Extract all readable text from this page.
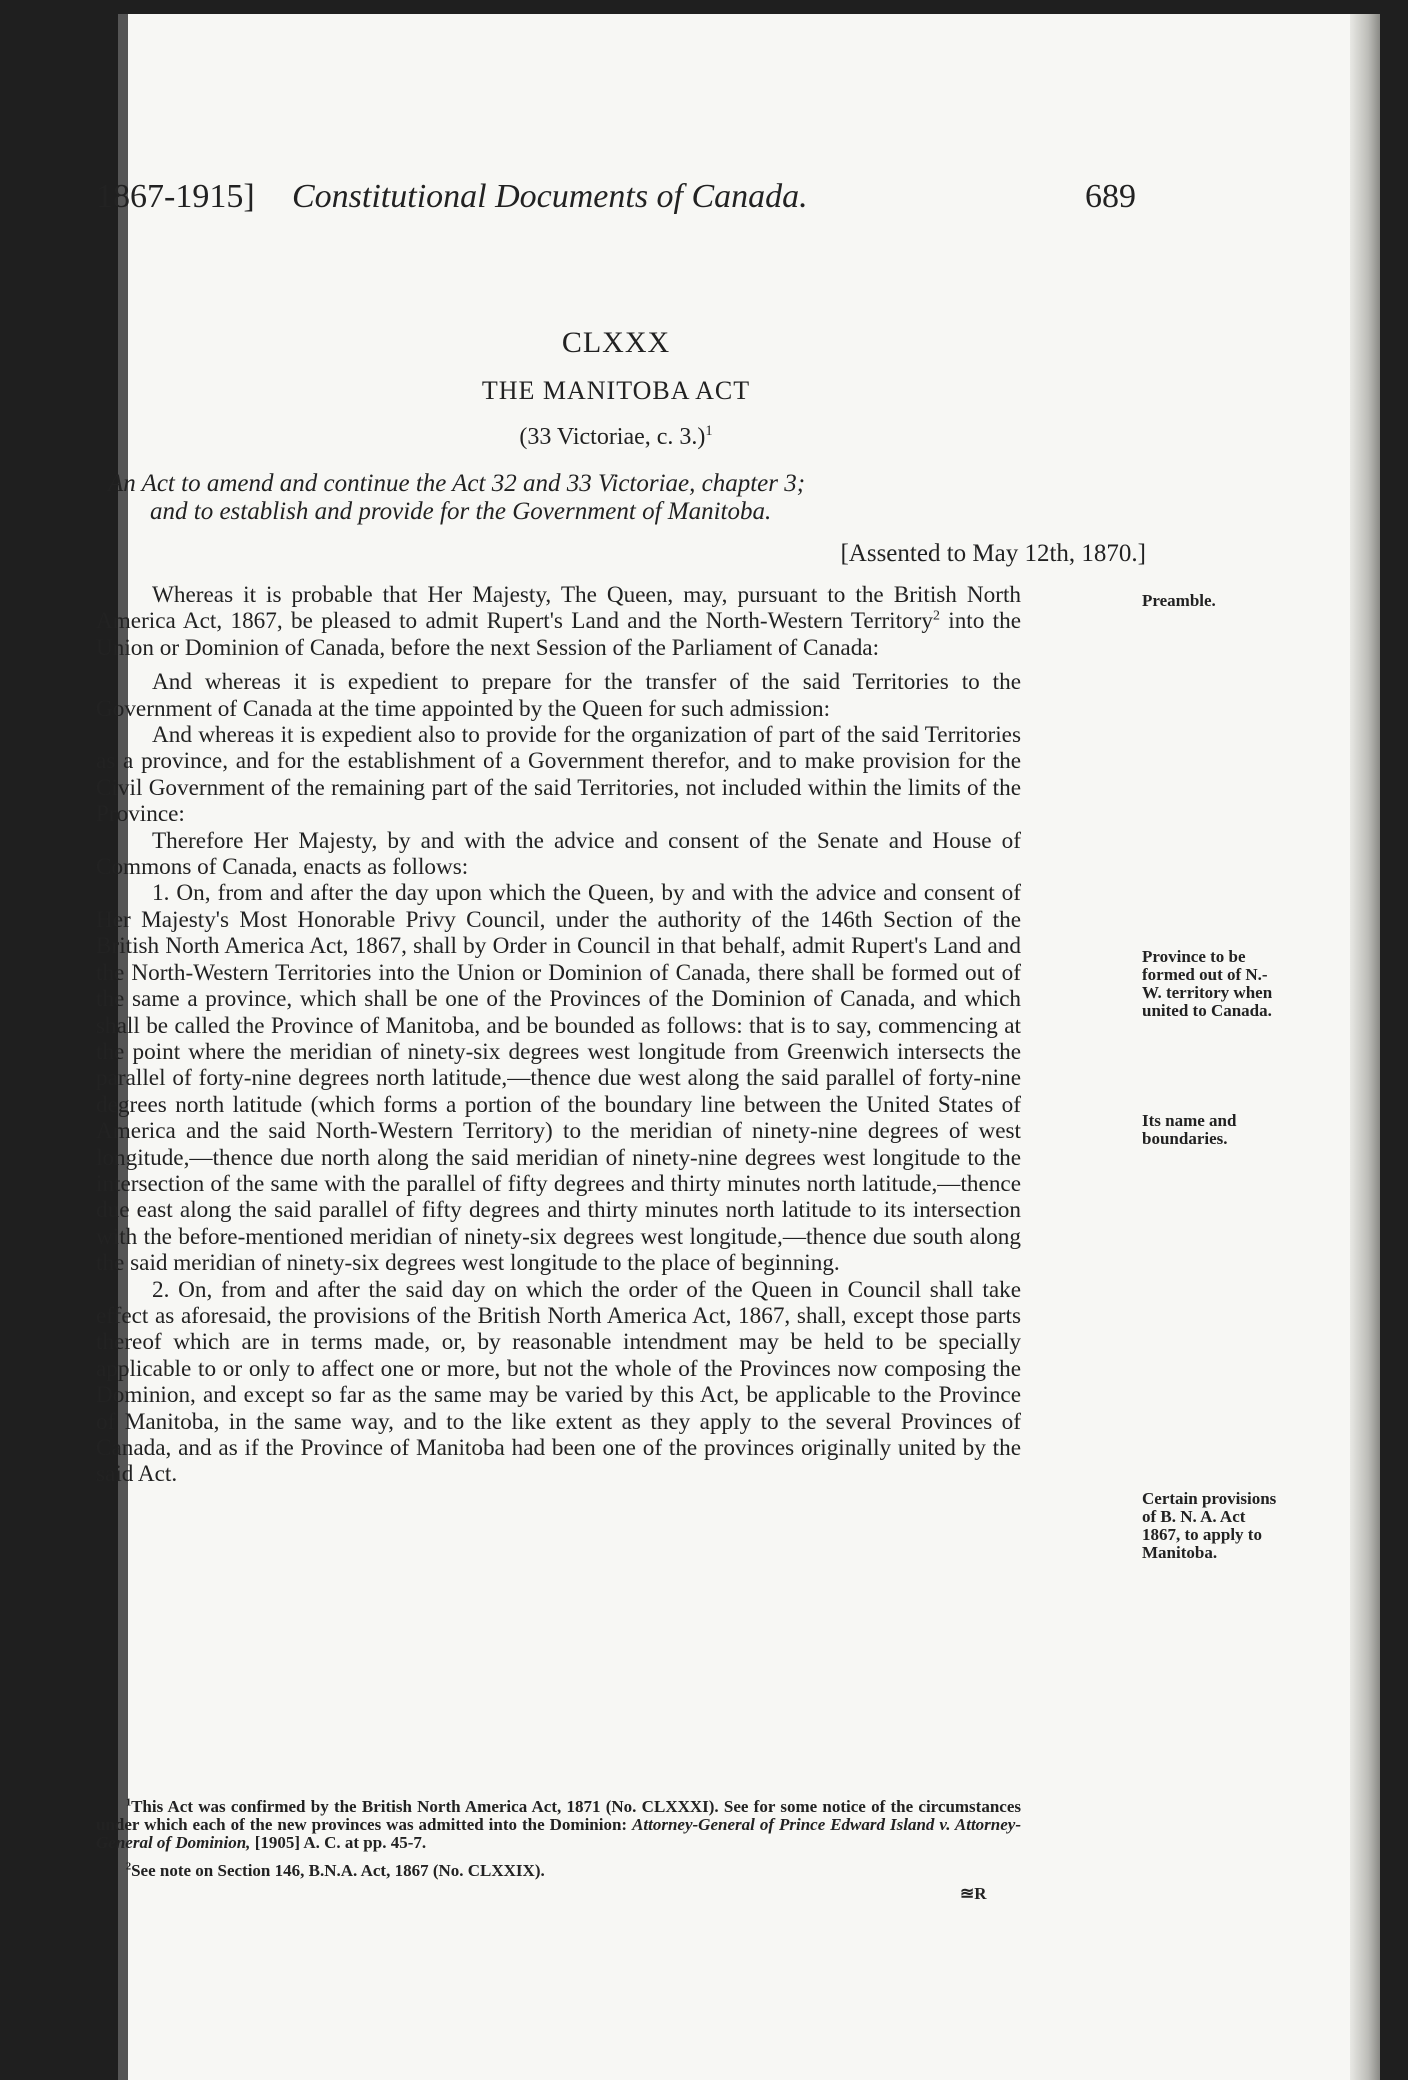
1867-1915] Constitutional Documents of Canada.	689
CLXXX
THE MANITOBA ACT
(33 Victoriae, c. 3.)$^1$
An Act to amend and continue the Act 32 and 33 Victoriae, chapter 3;
and to establish and provide for the Government of Manitoba.
[Assented to May 12th, 1870.]

Whereas it is probable that Her Majesty, The Queen, may, pursuant to the British North America Act, 1867, be pleased to admit Rupert's Land and the North-Western Territory$^2$ into the Union or Dominion of Canada, before the next Session of the Parliament of Canada:

And whereas it is expedient to prepare for the transfer of the said Territories to the Government of Canada at the time appointed by the Queen for such admission:

And whereas it is expedient also to provide for the organization of part of the said Territories as a province, and for the establishment of a Government therefor, and to make provision for the Civil Government of the remaining part of the said Territories, not included within the limits of the Province:

Therefore Her Majesty, by and with the advice and consent of the Senate and House of Commons of Canada, enacts as follows:

1. On, from and after the day upon which the Queen, by and with the advice and consent of Her Majesty's Most Honorable Privy Council, under the authority of the 146th Section of the British North America Act, 1867, shall by Order in Council in that behalf, admit Rupert's Land and the North-Western Territories into the Union or Dominion of Canada, there shall be formed out of the same a province, which shall be one of the Provinces of the Dominion of Canada, and which shall be called the Province of Manitoba, and be bounded as follows: that is to say, commencing at the point where the meridian of ninety-six degrees west longitude from Greenwich intersects the parallel of forty-nine degrees north latitude,—thence due west along the said parallel of forty-nine degrees north latitude (which forms a portion of the boundary line between the United States of America and the said North-Western Territory) to the meridian of ninety-nine degrees of west longitude,—thence due north along the said meridian of ninety-nine degrees west longitude to the intersection of the same with the parallel of fifty degrees and thirty minutes north latitude,—thence due east along the said parallel of fifty degrees and thirty minutes north latitude to its intersection with the before-mentioned meridian of ninety-six degrees west longitude,—thence due south along the said meridian of ninety-six degrees west longitude to the place of beginning.

2. On, from and after the said day on which the order of the Queen in Council shall take effect as aforesaid, the provisions of the British North America Act, 1867, shall, except those parts thereof which are in terms made, or, by reasonable intendment may be held to be specially applicable to or only to affect one or more, but not the whole of the Provinces now composing the Dominion, and except so far as the same may be varied by this Act, be applicable to the Province of Manitoba, in the same way, and to the like extent as they apply to the several Provinces of Canada, and as if the Province of Manitoba had been one of the provinces originally united by the said Act.

Preamble.
Province to be formed out of N.-W. territory when united to Canada.
Its name and boundaries.
Certain provisions of B. N. A. Act 1867, to apply to Manitoba.

$^1$This Act was confirmed by the British North America Act, 1871 (No. CLXXXI). See for some notice of the circumstances under which each of the new provinces was admitted into the Dominion: Attorney-General of Prince Edward Island v. Attorney-General of Dominion, [1905] A. C. at pp. 45-7.

$^2$See note on Section 146, B.N.A. Act, 1867 (No. CLXXIX).

≊R
